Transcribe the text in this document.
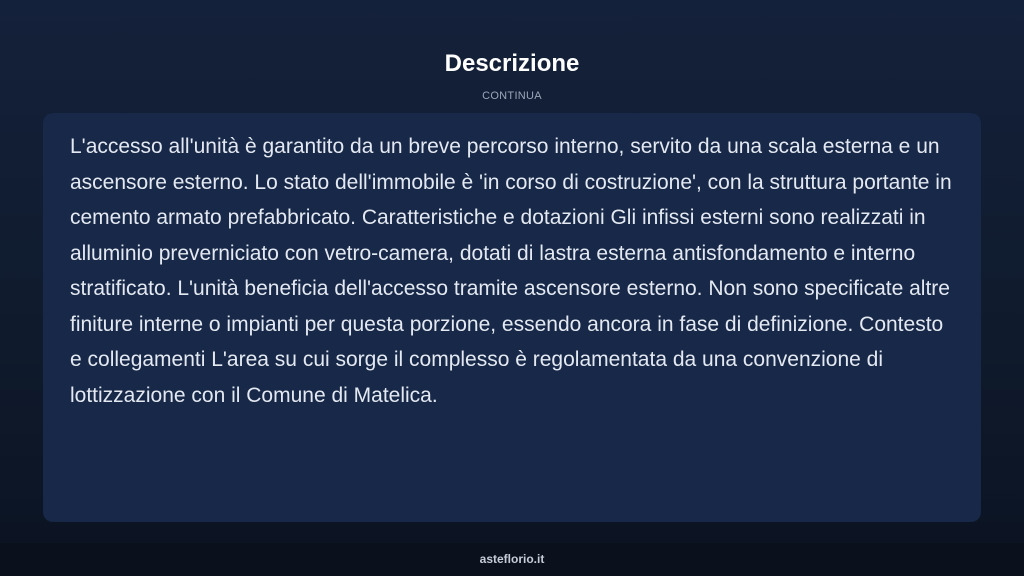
Descrizione
CONTINUA

L'accesso all'unità è garantito da un breve percorso interno, servito da una scala esterna e un ascensore esterno. Lo stato dell'immobile è 'in corso di costruzione', con la struttura portante in cemento armato prefabbricato. Caratteristiche e dotazioni Gli infissi esterni sono realizzati in alluminio preverniciato con vetro-camera, dotati di lastra esterna antisfondamento e interno stratificato. L'unità beneficia dell'accesso tramite ascensore esterno. Non sono specificate altre finiture interne o impianti per questa porzione, essendo ancora in fase di definizione. Contesto e collegamenti L'area su cui sorge il complesso è regolamentata da una convenzione di lottizzazione con il Comune di Matelica.

asteflorio.it
